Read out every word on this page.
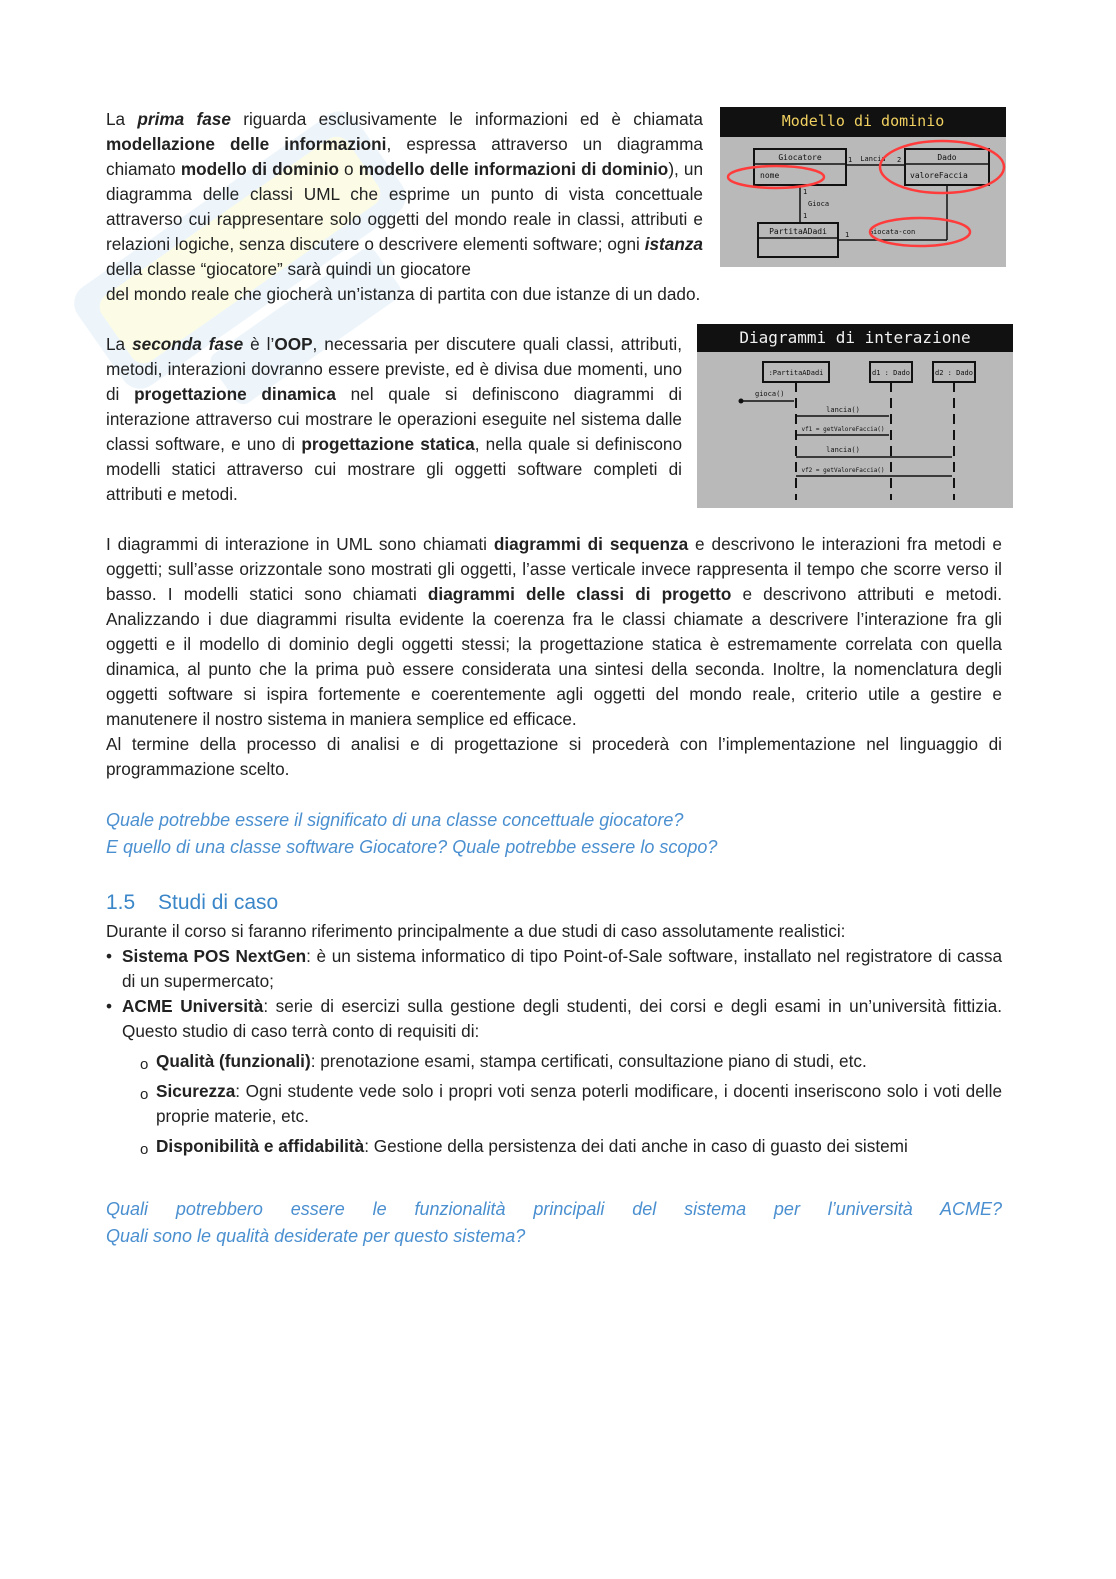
La prima fase riguarda esclusivamente le informazioni ed è chiamata modellazione delle informazioni, espressa attraverso un diagramma chiamato modello di dominio o modello delle informazioni di dominio), un diagramma delle classi UML che esprime un punto di vista concettuale attraverso cui rappresentare solo oggetti del mondo reale in classi, attributi e relazioni logiche, senza discutere o descrivere elementi software; ogni istanza della classe “giocatore” sarà quindi un giocatore
del mondo reale che giocherà un’istanza di partita con due istanze di un dado.
Modello di dominio
Giocatore
nome
Dado
valoreFaccia
PartitaADadi
Lancia
1	2
Gioca
1
1
Giocata-con
1
La seconda fase è l’OOP, necessaria per discutere quali classi, attributi, metodi, interazioni dovranno essere previste, ed è divisa due momenti, uno di progettazione dinamica nel quale si definiscono diagrammi di interazione attraverso cui mostrare le operazioni eseguite nel sistema dalle classi software, e uno di progettazione statica, nella quale si definiscono modelli statici attraverso cui mostrare gli oggetti software completi di attributi e metodi.
Diagrammi di interazione
:PartitaADadi	d1 : Dado	d2 : Dado
gioca()
lancia()
vf1 = getValoreFaccia()
lancia()
vf2 = getValoreFaccia()
I diagrammi di interazione in UML sono chiamati diagrammi di sequenza e descrivono le interazioni fra metodi e oggetti; sull’asse orizzontale sono mostrati gli oggetti, l’asse verticale invece rappresenta il tempo che scorre verso il basso. I modelli statici sono chiamati diagrammi delle classi di progetto e descrivono attributi e metodi. Analizzando i due diagrammi risulta evidente la coerenza fra le classi chiamate a descrivere l’interazione fra gli oggetti e il modello di dominio degli oggetti stessi; la progettazione statica è estremamente correlata con quella dinamica, al punto che la prima può essere considerata una sintesi della seconda. Inoltre, la nomenclatura degli oggetti software si ispira fortemente e coerentemente agli oggetti del mondo reale, criterio utile a gestire e manutenere il nostro sistema in maniera semplice ed efficace.
Al termine della processo di analisi e di progettazione si procederà con l’implementazione nel linguaggio di programmazione scelto.
Quale potrebbe essere il significato di una classe concettuale giocatore?
E quello di una classe software Giocatore? Quale potrebbe essere lo scopo?
1.5 Studi di caso
Durante il corso si faranno riferimento principalmente a due studi di caso assolutamente realistici:
• Sistema POS NextGen: è un sistema informatico di tipo Point-of-Sale software, installato nel registratore di cassa di un supermercato;
• ACME Università: serie di esercizi sulla gestione degli studenti, dei corsi e degli esami in un’università fittizia. Questo studio di caso terrà conto di requisiti di:
o Qualità (funzionali): prenotazione esami, stampa certificati, consultazione piano di studi, etc.
o Sicurezza: Ogni studente vede solo i propri voti senza poterli modificare, i docenti inseriscono solo i voti delle proprie materie, etc.
o Disponibilità e affidabilità: Gestione della persistenza dei dati anche in caso di guasto dei sistemi
Quali potrebbero essere le funzionalità principali del sistema per l’università ACME?
Quali sono le qualità desiderate per questo sistema?
